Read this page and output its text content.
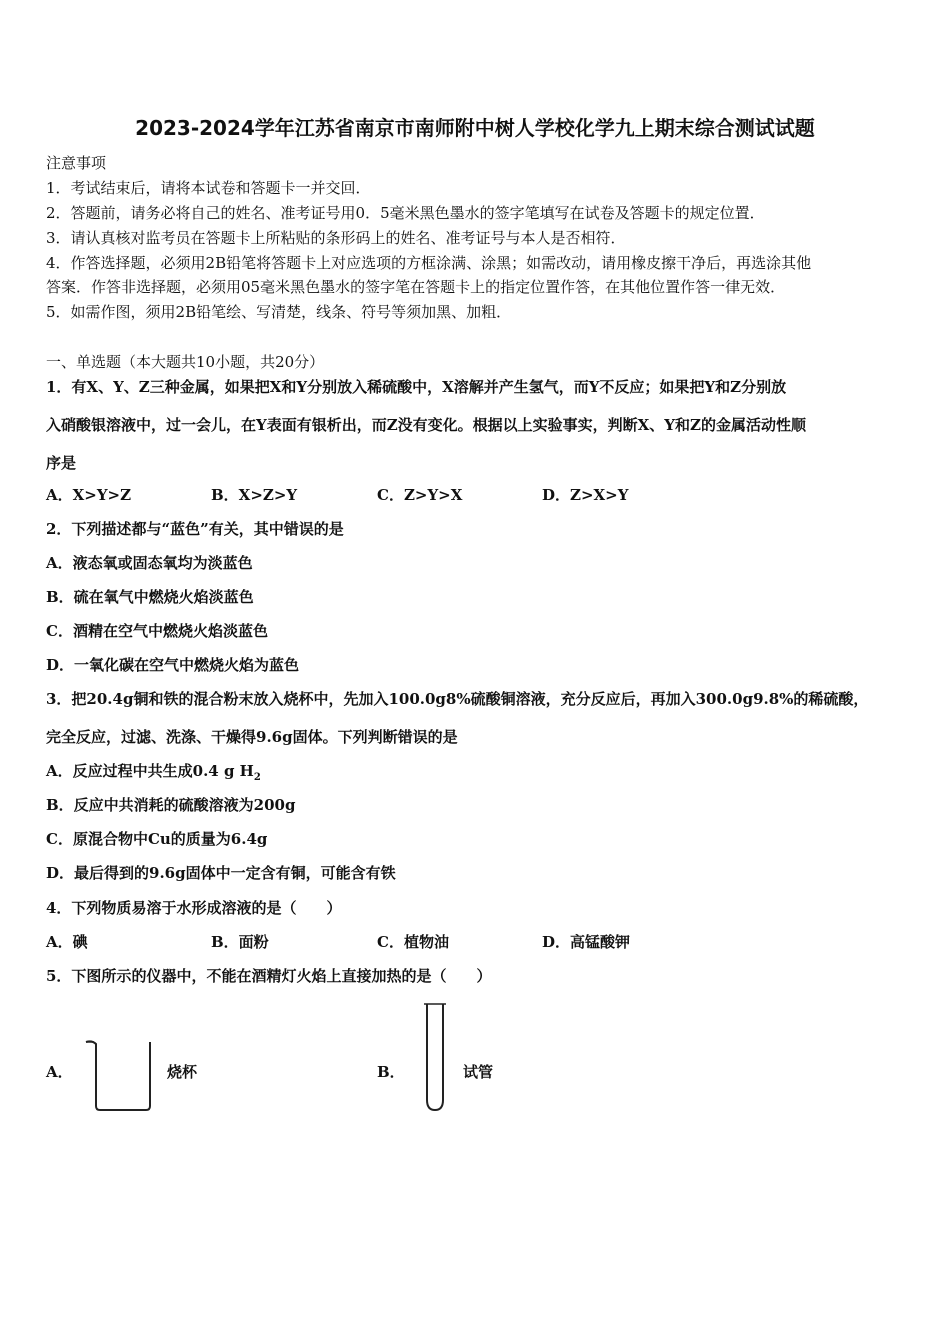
2023-2024学年江苏省南京市南师附中树人学校化学九上期末综合测试试题
注意事项
1．考试结束后，请将本试卷和答题卡一并交回．
2．答题前，请务必将自己的姓名、准考证号用0．5毫米黑色墨水的签字笔填写在试卷及答题卡的规定位置．
3．请认真核对监考员在答题卡上所粘贴的条形码上的姓名、准考证号与本人是否相符．
4．作答选择题，必须用2B铅笔将答题卡上对应选项的方框涂满、涂黑；如需改动，请用橡皮擦干净后，再选涂其他
答案．作答非选择题，必须用05毫米黑色墨水的签字笔在答题卡上的指定位置作答，在其他位置作答一律无效．
5．如需作图，须用2B铅笔绘、写清楚，线条、符号等须加黑、加粗．
一、单选题（本大题共10小题，共20分）
1．有X、Y、Z三种金属，如果把X和Y分别放入稀硫酸中，X溶解并产生氢气，而Y不反应；如果把Y和Z分别放
入硝酸银溶液中，过一会儿，在Y表面有银析出，而Z没有变化。根据以上实验事实，判断X、Y和Z的金属活动性顺
序是
A．X>Y>Z	B．X>Z>Y	C．Z>Y>X	D．Z>X>Y
2．下列描述都与“蓝色”有关，其中错误的是
A．液态氧或固态氧均为淡蓝色
B．硫在氧气中燃烧火焰淡蓝色
C．酒精在空气中燃烧火焰淡蓝色
D．一氧化碳在空气中燃烧火焰为蓝色
3．把20.4g铜和铁的混合粉末放入烧杯中，先加入100.0g8%硫酸铜溶液，充分反应后，再加入300.0g9.8%的稀硫酸，
完全反应，过滤、洗涤、干燥得9.6g固体。下列判断错误的是
A．反应过程中共生成0.4 g $H_2$
B．反应中共消耗的硫酸溶液为200g
C．原混合物中Cu的质量为6.4g
D．最后得到的9.6g固体中一定含有铜，可能含有铁
4．下列物质易溶于水形成溶液的是（　　）
A．碘	B．面粉	C．植物油	D．高锰酸钾
5．下图所示的仪器中，不能在酒精灯火焰上直接加热的是（　　）
A．	烧杯	B．	试管
